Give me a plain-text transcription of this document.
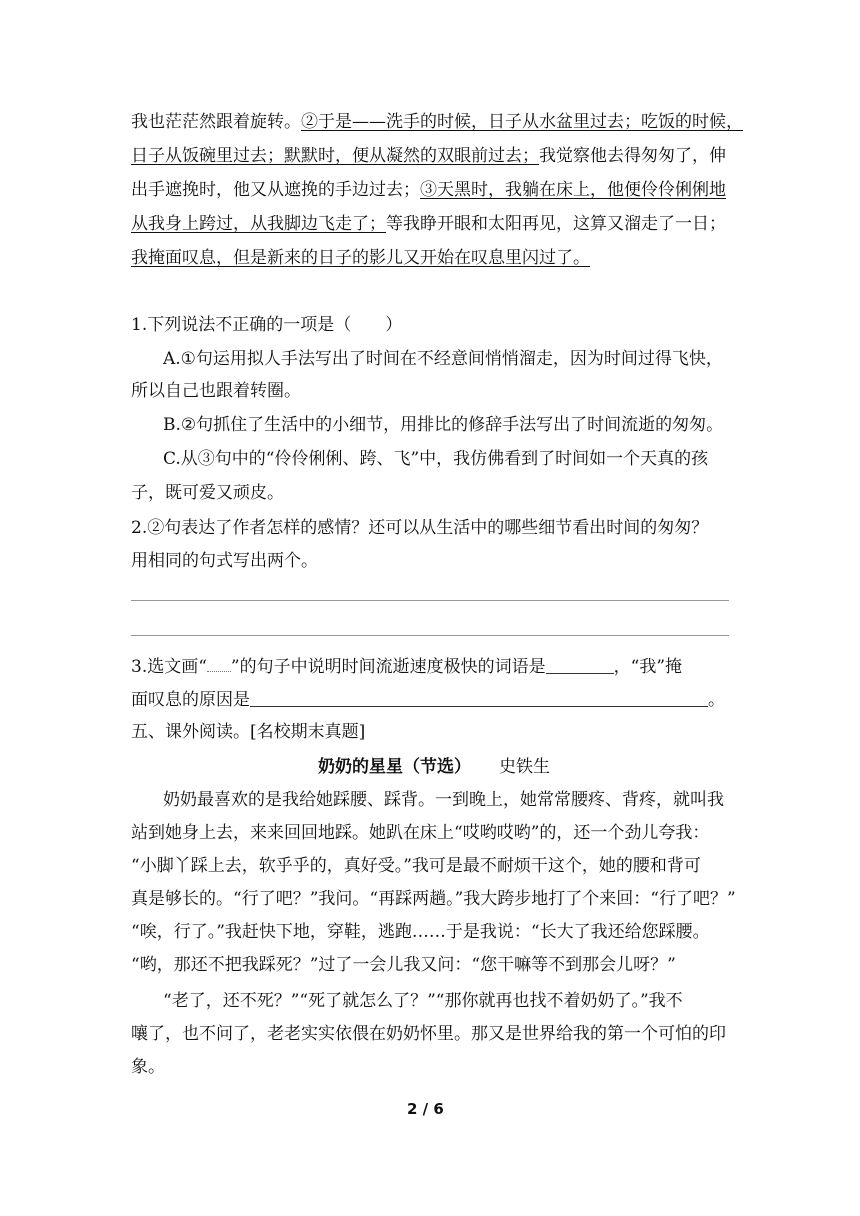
我也茫茫然跟着旋转。②于是——洗手的时候，日子从水盆里过去；吃饭的时候，
日子从饭碗里过去；默默时，便从凝然的双眼前过去；我觉察他去得匆匆了，伸
出手遮挽时，他又从遮挽的手边过去；③天黑时，我躺在床上，他便伶伶俐俐地
从我身上跨过，从我脚边飞走了；等我睁开眼和太阳再见，这算又溜走了一日；
我掩面叹息，但是新来的日子的影儿又开始在叹息里闪过了。
1.下列说法不正确的一项是（　　）
A.①句运用拟人手法写出了时间在不经意间悄悄溜走，因为时间过得飞快，
所以自己也跟着转圈。
B.②句抓住了生活中的小细节，用排比的修辞手法写出了时间流逝的匆匆。
C.从③句中的“伶伶俐俐、跨、飞”中，我仿佛看到了时间如一个天真的孩
子，既可爱又顽皮。
2.②句表达了作者怎样的感情？还可以从生活中的哪些细节看出时间的匆匆？
用相同的句式写出两个。
3.选文画“ ”的句子中说明时间流逝速度极快的词语是	，“我”掩
面叹息的原因是	。
五、课外阅读。[名校期末真题]
奶奶的星星（节选） 史铁生
奶奶最喜欢的是我给她踩腰、踩背。一到晚上，她常常腰疼、背疼，就叫我
站到她身上去，来来回回地踩。她趴在床上“哎哟哎哟”的，还一个劲儿夸我：
“小脚丫踩上去，软乎乎的，真好受。”我可是最不耐烦干这个，她的腰和背可
真是够长的。“行了吧？”我问。“再踩两趟。”我大跨步地打了个来回：“行了吧？”
“唉，行了。”我赶快下地，穿鞋，逃跑……于是我说：“长大了我还给您踩腰。
“哟，那还不把我踩死？”过了一会儿我又问：“您干嘛等不到那会儿呀？”
“老了，还不死？”“死了就怎么了？”“那你就再也找不着奶奶了。”我不
嚷了，也不问了，老老实实依偎在奶奶怀里。那又是世界给我的第一个可怕的印
象。
2 / 6
